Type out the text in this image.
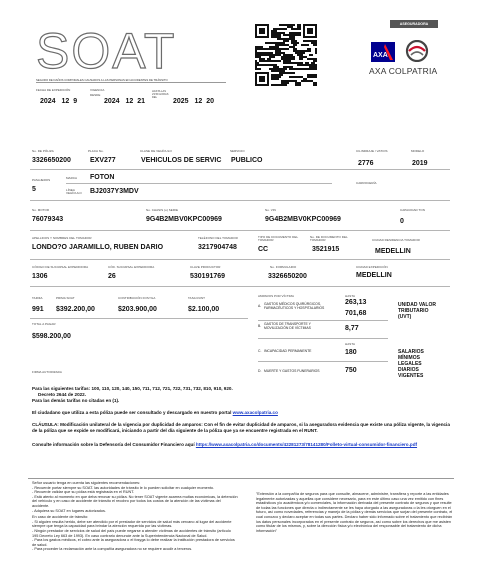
SOAT
SEGURO DE DAÑOS CORPORALES CAUSADOS A LAS PERSONAS EN ACCIDENTES DE TRÁNSITO
FECHA DE EXPEDICIÓN
2024 12 9
VIGENCIA
DESDE
2024 12 21
HASTA LAS 23:59 HORAS DEL
2025 12 20
ASEGURADORA
AXA
AXA COLPATRIA
No. DE PÓLIZA
3326650200
PLACA No.
EXV277
CLASE DE VEHÍCULO
VEHICULOS DE SERVIC
SERVICIO
PUBLICO
CILINDRAJE / VATIOS
2776
MODELO
2019
PASAJEROS
5
MARCA FOTON
LÍNEA VEHÍCULO	BJ2037Y3MDV
CARROCERÍA
No. MOTOR
76079343
No. CHASIS (o) SERIE
9G4B2MBV0KPC00969
No. VIN
9G4B2MBV0KPC00969
CAPACIDAD TON
0
APELLIDOS Y NOMBRES DEL TOMADOR
LONDO?O JARAMILLO, RUBEN DARIO
TELÉFONO DEL TOMADOR
3217904748
TIPO DE DOCUMENTO DEL TOMADOR
CC
No. DE DOCUMENTO DEL TOMADOR
3521915
CIUDAD RESIDENCIA TOMADOR
MEDELLIN
CÓDIGO DE SUCURSAL EXPEDIDORA
1306
CÓD. SUCURSAL EXPEDIDORA
26
CLAVE PRODUCTOR
530191769
No. FORMULARIO
3326650200
CIUDAD EXPEDICIÓN
MEDELLIN
TARIFA
991
PRIMA SOAT
$392.200,00
CONTRIBUCIÓN FOSYGA
$203.900,00
TASA RUNT
$2.100,00
TOTAL A PAGAR
$598.200,00
AMPAROS POR VÍCTIMA	HASTA
A. GASTOS MÉDICOS QUIRÚRGICOS, FARMACÉUTICOS Y HOSPITALARIOS
263,13
701,68
B. GASTOS DE TRANSPORTE Y MOVILIZACIÓN DE VÍCTIMAS	8,77
C. INCAPACIDAD PERMANENTE
HASTA
180
D. MUERTE Y GASTOS FUNERARIOS	750
UNIDAD VALOR TRIBUTARIO (UVT)
SALARIOS MÍNIMOS LEGALES DIARIOS VIGENTES
FIRMA AUTORIZADA
Para las siguientes tarifas: 100, 110, 120, 140, 150, 711, 712, 721, 722, 731, 732, 810, 910, 920.
Decreto 2644 de 2022.
Para las demás tarifas no citadas en (1).
El ciudadano que utiliza a esta póliza puede ser consultado y descargado en nuestro portal www.axacolpatria.co
CLÁUSULA: Modificación unilateral de la vigencia por duplicidad de amparos: Con el fin de evitar duplicidad de amparos, si la aseguradora evidencia que existe una póliza vigente, la vigencia de la póliza que se expide se modificará, iniciando a partir del día siguiente de la póliza que ya se encuentre registrada en el RUNT.
Consulte información sobre la Defensoría del Consumidor Financiero aquí https://www.axacolpatria.co/documents/42281273/78141280/Folleto-virtual-consumidor-financiero.pdf
Señor usuario tenga en cuenta las siguientes recomendaciones:
- Recuerde portar siempre su SOAT. las autoridades de tránsito le lo pueden solicitar en cualquier momento.
- Recuerde validar que su póliza está registrada en el RUNT.
- Está atento al momento en que deba renovar su póliza. No tener SOAT vigente acarrea multas económicas, la detención del vehículo y en caso de accidente de tránsito el recobro por todos los costos de la atención de las víctimas del accidente.
- Adquiera su SOAT en lugares autorizados.
En caso de accidente de tránsito:
- Si alguien resulta herido, debe ser atendido por el prestador de servicios de salud más cercano al lugar del accidente siempre que tenga la capacidad para brindar la atención requerida por las víctimas.
- Ningún prestador de servicios de salud del país puede negarse a atender víctimas de accidentes de tránsito (artículo 195 Decreto Ley 663 de 1993). En caso contrario denuncie ante la Superintendencia Nacional de Salud.
- Para los gastos médicos, el cobro ante la aseguradora o el fosyga lo debe realizar la institución prestadora de servicios de salud.
- Para proceder la reclamación ante la compañía aseguradora no se requiere acudir a terceros.
"Extensión a la compañía de seguros para que consulte, almacene, administre, transfiera y reporte a las entidades legalmente autorizadas y aquellas que considere necesario, para en este último caso una vez emitido con fines estadísticos y/o académicos y/o comerciales, la información derivada del presente contrato de seguros y que resulte de todas las funciones que directa o indirectamente se les haya otorgado a las aseguradoras o la les otorguen en el futuro, así como novedades, referencias y manejo de la póliza y demás servicios que surjan del presente contrato, el cual conozco y declaro aceptar en todas sus partes. Declaro haber sido informado sobre el tratamiento que recibirán los datos personales incorporados en el presente contrato de seguros, así como sobre los derechos que me asisten como titular de los mismos, y, sobre la dirección física y/o electrónica del responsable del tratamiento de dicha información"
